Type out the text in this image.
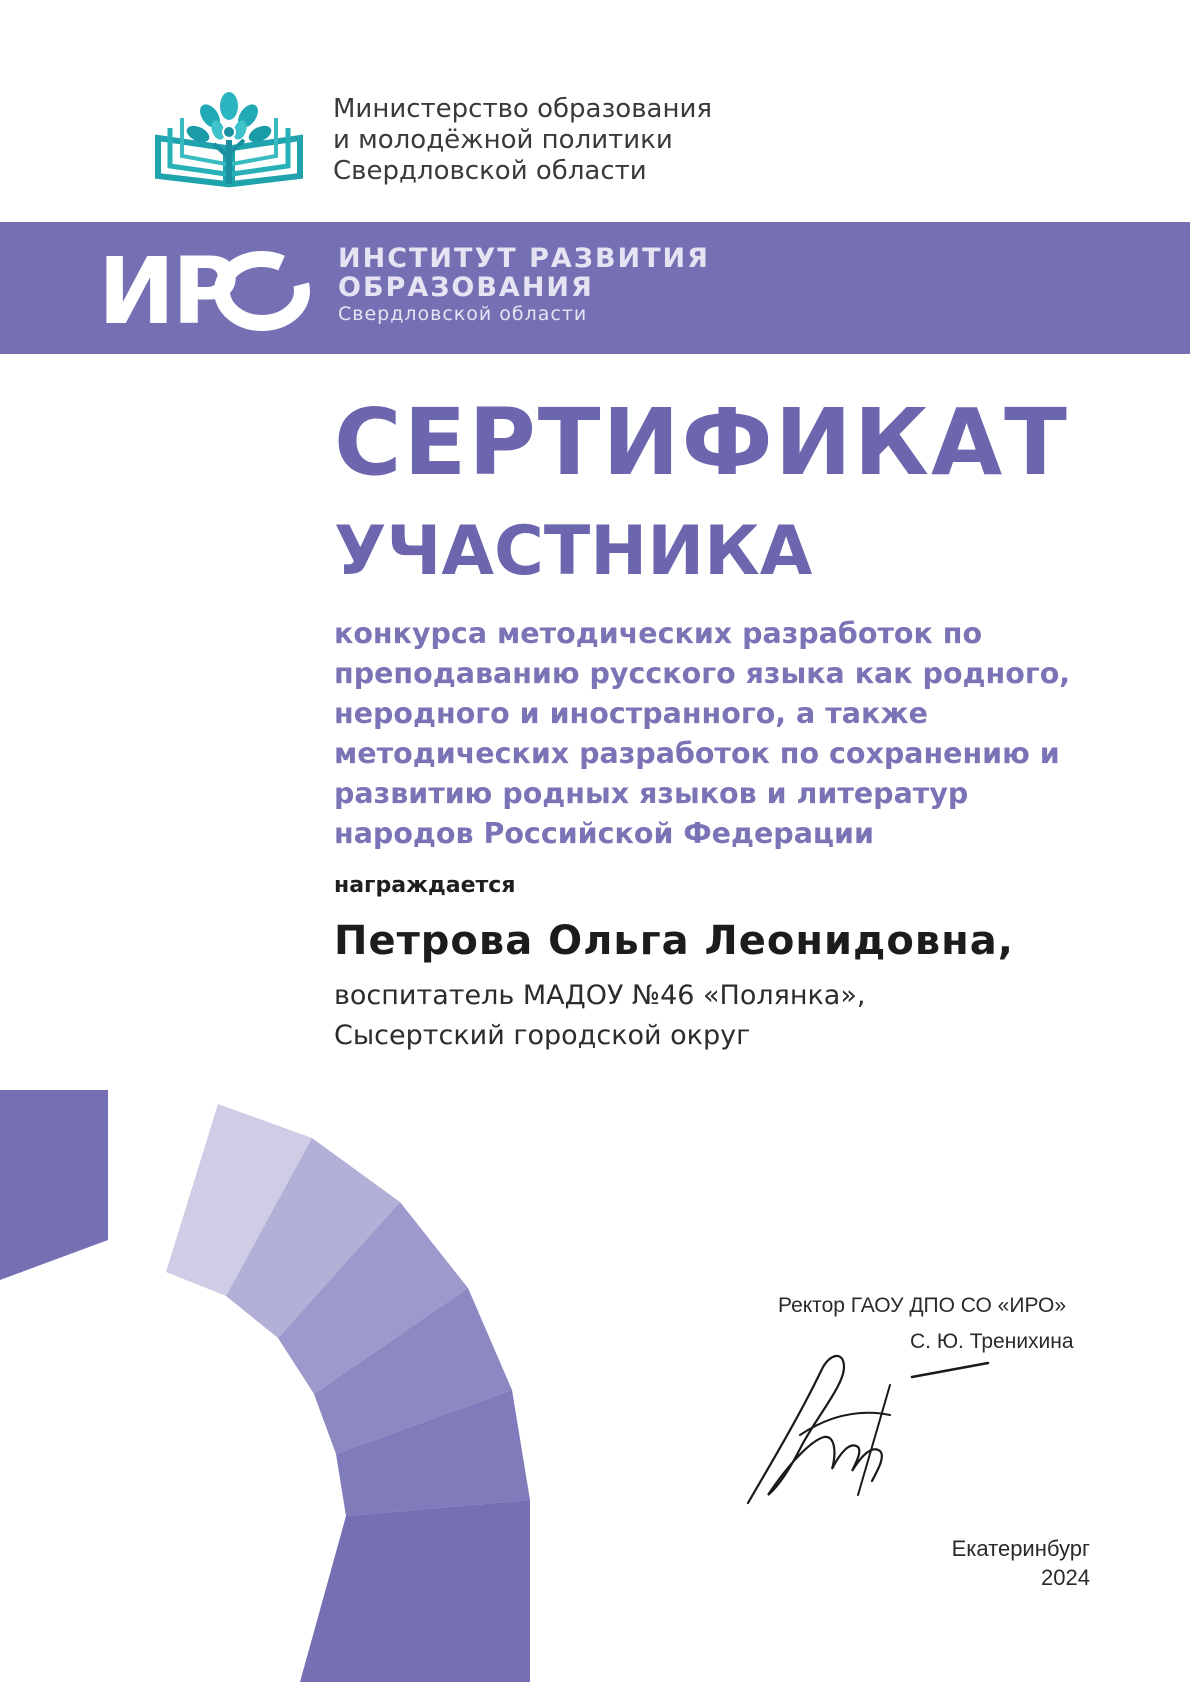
Министерство образования
и молодёжной политики
Свердловской области
ИР	ИНСТИТУТ РАЗВИТИЯ
ОБРАЗОВАНИЯ
Свердловской области
СЕРТИФИКАТ
УЧАСТНИКА
конкурса методических разработок по
преподаванию русского языка как родного,
неродного и иностранного, а также
методических разработок по сохранению и
развитию родных языков и литератур
народов Российской Федерации
награждается
Петрова Ольга Леонидовна,
воспитатель МАДОУ №46 «Полянка»,
Сысертский городской округ
Ректор ГАОУ ДПО СО «ИРО»
С. Ю. Тренихина
Екатеринбург
2024
